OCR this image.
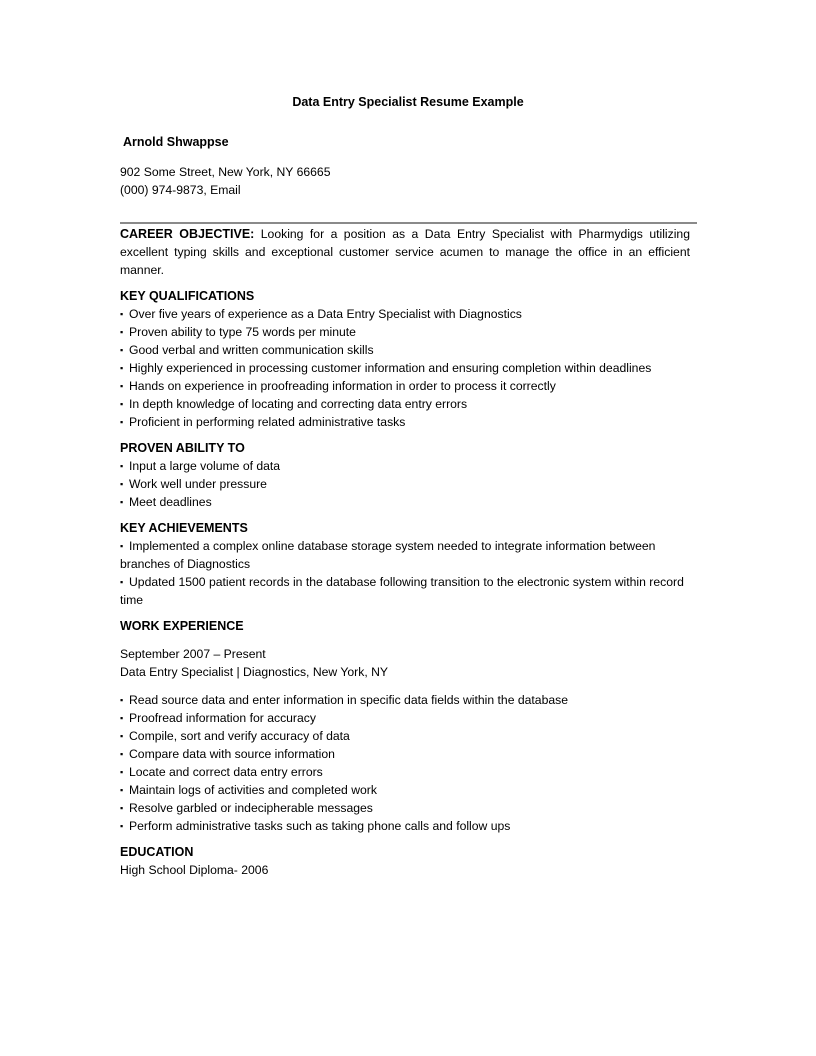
Data Entry Specialist Resume Example
Arnold Shwappse
902 Some Street, New York, NY 66665
(000) 974-9873, Email

CAREER OBJECTIVE: Looking for a position as a Data Entry Specialist with Pharmydigs utilizing excellent typing skills and exceptional customer service acumen to manage the office in an efficient manner.

KEY QUALIFICATIONS
▪ Over five years of experience as a Data Entry Specialist with Diagnostics
▪ Proven ability to type 75 words per minute
▪ Good verbal and written communication skills
▪ Highly experienced in processing customer information and ensuring completion within deadlines
▪ Hands on experience in proofreading information in order to process it correctly
▪ In depth knowledge of locating and correcting data entry errors
▪ Proficient in performing related administrative tasks
PROVEN ABILITY TO
▪ Input a large volume of data
▪ Work well under pressure
▪ Meet deadlines
KEY ACHIEVEMENTS
▪ Implemented a complex online database storage system needed to integrate information between branches of Diagnostics
▪ Updated 1500 patient records in the database following transition to the electronic system within record time
WORK EXPERIENCE
September 2007 – Present
Data Entry Specialist | Diagnostics, New York, NY
▪ Read source data and enter information in specific data fields within the database
▪ Proofread information for accuracy
▪ Compile, sort and verify accuracy of data
▪ Compare data with source information
▪ Locate and correct data entry errors
▪ Maintain logs of activities and completed work
▪ Resolve garbled or indecipherable messages
▪ Perform administrative tasks such as taking phone calls and follow ups
EDUCATION
High School Diploma- 2006
